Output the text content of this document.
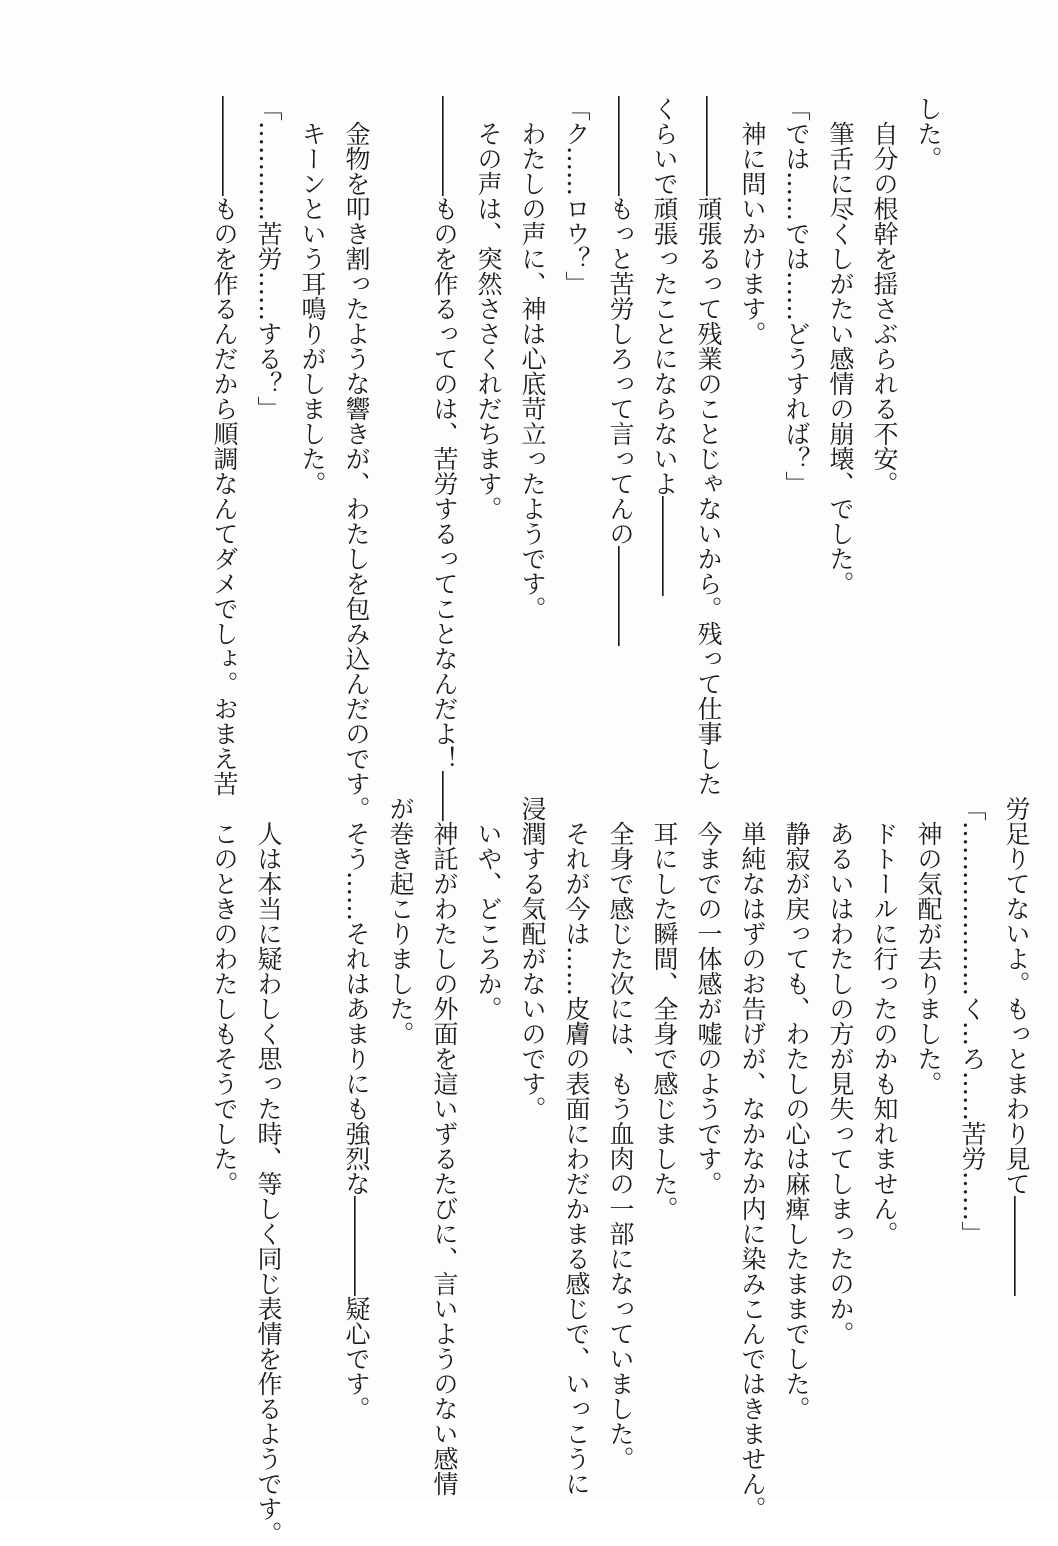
した。
　自分の根幹を揺さぶられる不安。
　筆舌に尽くしがたい感情の崩壊、でした。
「では……では……どうすれば？」
　神に問いかけます。
――――頑張るって残業のことじゃないから。残って仕事した
くらいで頑張ったことにならないよ――――
――――もっと苦労しろって言ってんの――――
「ク……ロウ？」
　わたしの声に、神は心底苛立ったようです。
　その声は、突然ささくれだちます。
――――ものを作るってのは、苦労するってことなんだよ！――

　金物を叩き割ったような響きが、わたしを包み込んだのです。
　キーンという耳鳴りがしました。
「…………苦労……する？」
――――ものを作るんだから順調なんてダメでしょ。おまえ苦
労足りてないよ。もっとまわり見て――――
「…………………く…ろ……苦労……」
　神の気配が去りました。
　ドトールに行ったのかも知れません。
　あるいはわたしの方が見失ってしまったのか。
　静寂が戻っても、わたしの心は麻痺したままでした。
　単純なはずのお告げが、なかなか内に染みこんではきません。
　今までの一体感が嘘のようです。
　耳にした瞬間、全身で感じました。
　全身で感じた次には、もう血肉の一部になっていました。
　それが今は……皮膚の表面にわだかまる感じで、いっこうに
浸潤する気配がないのです。
　いや、どころか。
　神託がわたしの外面を這いずるたびに、言いようのない感情
が巻き起こりました。
　そう……それはあまりにも強烈な――――疑心です。

　人は本当に疑わしく思った時、等しく同じ表情を作るようです。
　このときのわたしもそうでした。
